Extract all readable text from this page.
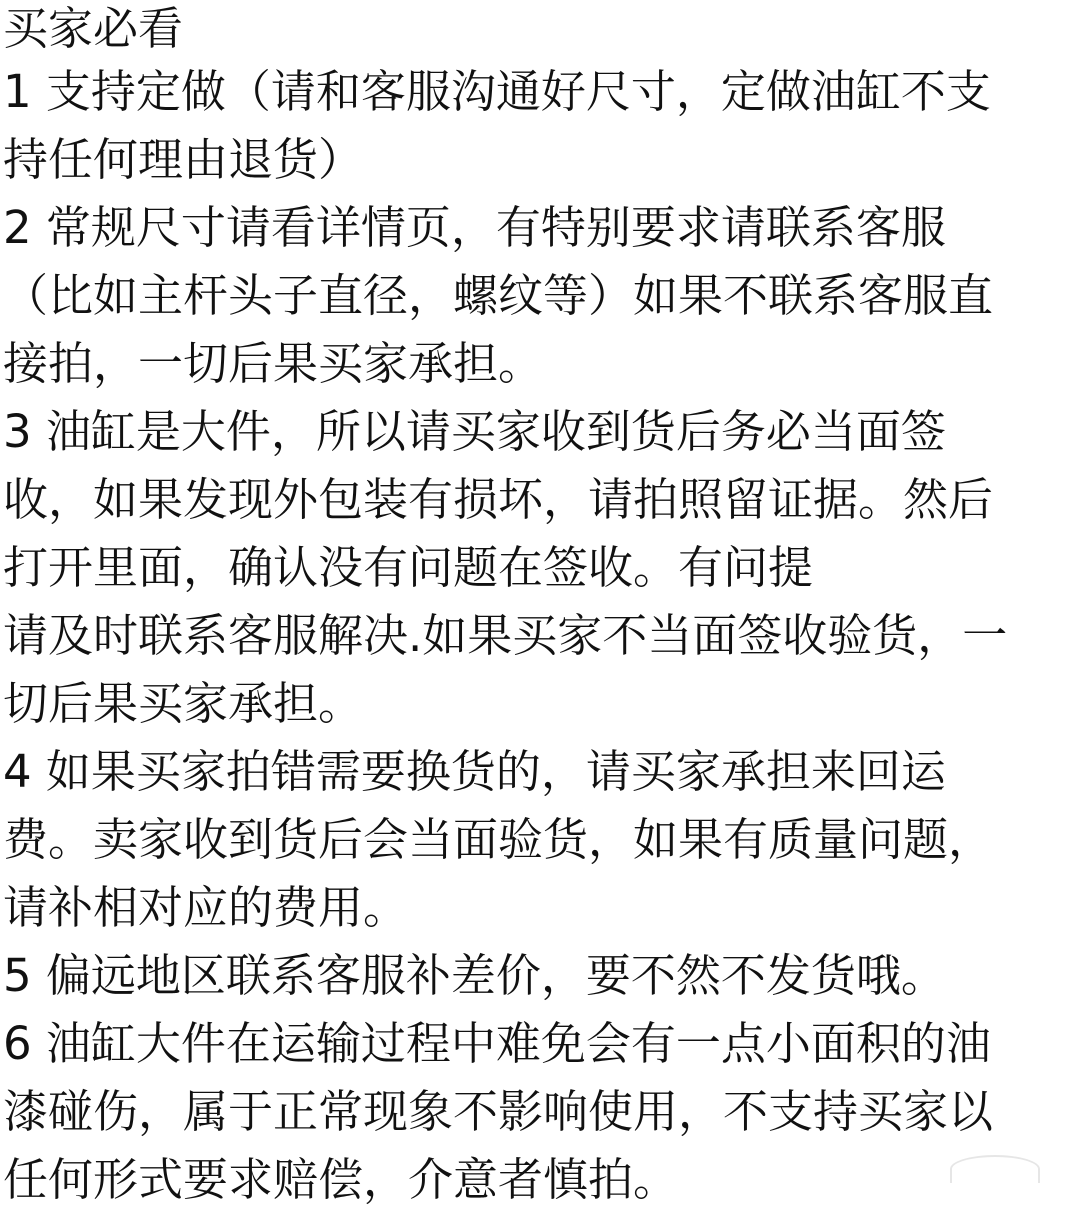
买家必看
1 支持定做（请和客服沟通好尺寸，定做油缸不支
持任何理由退货）
2 常规尺寸请看详情页，有特别要求请联系客服
（比如主杆头子直径，螺纹等）如果不联系客服直
接拍，一切后果买家承担。
3 油缸是大件，所以请买家收到货后务必当面签
收，如果发现外包装有损坏，请拍照留证据。然后
打开里面，确认没有问题在签收。有问提
请及时联系客服解决.如果买家不当面签收验货，一
切后果买家承担。
4 如果买家拍错需要换货的，请买家承担来回运
费。卖家收到货后会当面验货，如果有质量问题，
请补相对应的费用。
5 偏远地区联系客服补差价，要不然不发货哦。
6 油缸大件在运输过程中难免会有一点小面积的油
漆碰伤，属于正常现象不影响使用，不支持买家以
任何形式要求赔偿，介意者慎拍。
